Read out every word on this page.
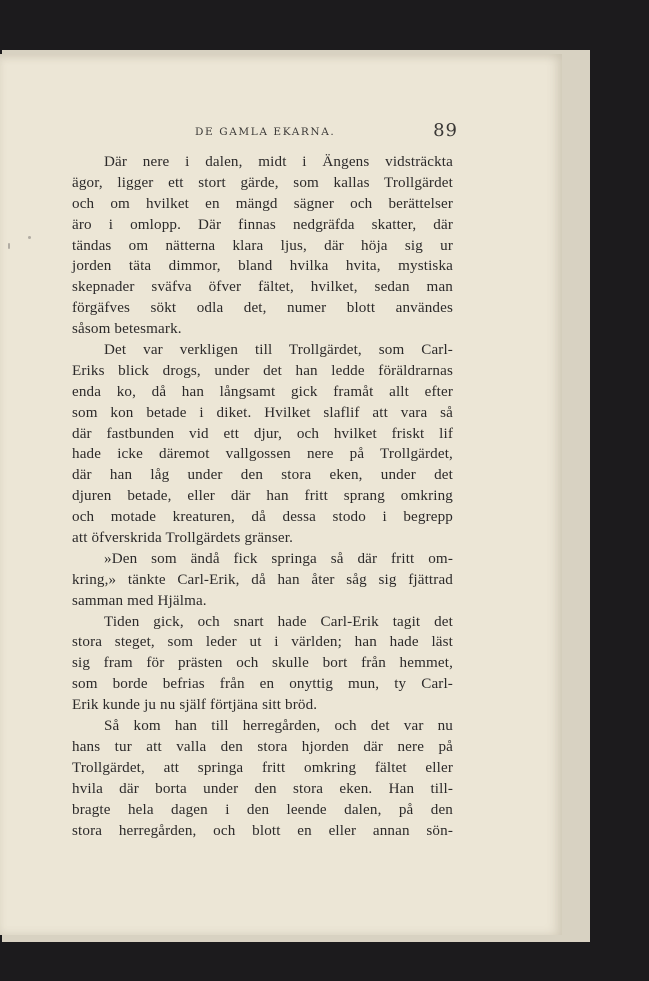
DE GAMLA EKARNA.	89
Där nere i dalen, midt i Ängens vidsträckta
ägor, ligger ett stort gärde, som kallas Trollgärdet
och om hvilket en mängd sägner och berättelser
äro i omlopp. Där finnas nedgräfda skatter, där
tändas om nätterna klara ljus, där höja sig ur
jorden täta dimmor, bland hvilka hvita, mystiska
skepnader sväfva öfver fältet, hvilket, sedan man
förgäfves sökt odla det, numer blott användes
såsom betesmark.
Det var verkligen till Trollgärdet, som Carl-
Eriks blick drogs, under det han ledde föräldrarnas
enda ko, då han långsamt gick framåt allt efter
som kon betade i diket. Hvilket slaflif att vara så
där fastbunden vid ett djur, och hvilket friskt lif
hade icke däremot vallgossen nere på Trollgärdet,
där han låg under den stora eken, under det
djuren betade, eller där han fritt sprang omkring
och motade kreaturen, då dessa stodo i begrepp
att öfverskrida Trollgärdets gränser.
»Den som ändå fick springa så där fritt om-
kring,» tänkte Carl-Erik, då han åter såg sig fjättrad
samman med Hjälma.
Tiden gick, och snart hade Carl-Erik tagit det
stora steget, som leder ut i världen; han hade läst
sig fram för prästen och skulle bort från hemmet,
som borde befrias från en onyttig mun, ty Carl-
Erik kunde ju nu själf förtjäna sitt bröd.
Så kom han till herregården, och det var nu
hans tur att valla den stora hjorden där nere på
Trollgärdet, att springa fritt omkring fältet eller
hvila där borta under den stora eken. Han till-
bragte hela dagen i den leende dalen, på den
stora herregården, och blott en eller annan sön-
